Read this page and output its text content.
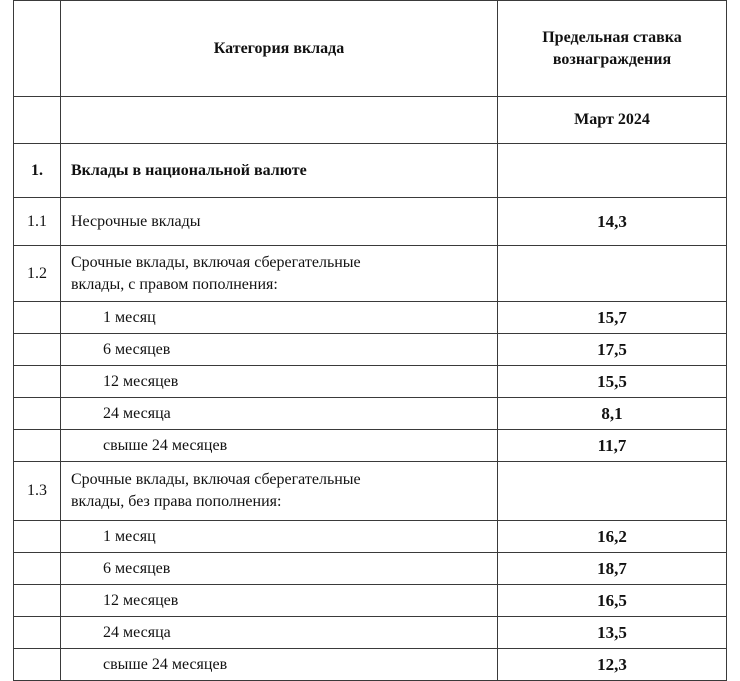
	Категория вклада	Предельная ставка
вознаграждения

		Март 2024
1.	Вклады в национальной валюте	
1.1	Несрочные вклады	14,3
1.2	Срочные вклады, включая сберегательные
вклады, с правом пополнения:	

	1 месяц	15,7
	6 месяцев	17,5
	12 месяцев	15,5
	24 месяца	8,1
	свыше 24 месяцев	11,7
1.3	Срочные вклады, включая сберегательные
вклады, без права пополнения:	

	1 месяц	16,2
	6 месяцев	18,7
	12 месяцев	16,5
	24 месяца	13,5
	свыше 24 месяцев	12,3
